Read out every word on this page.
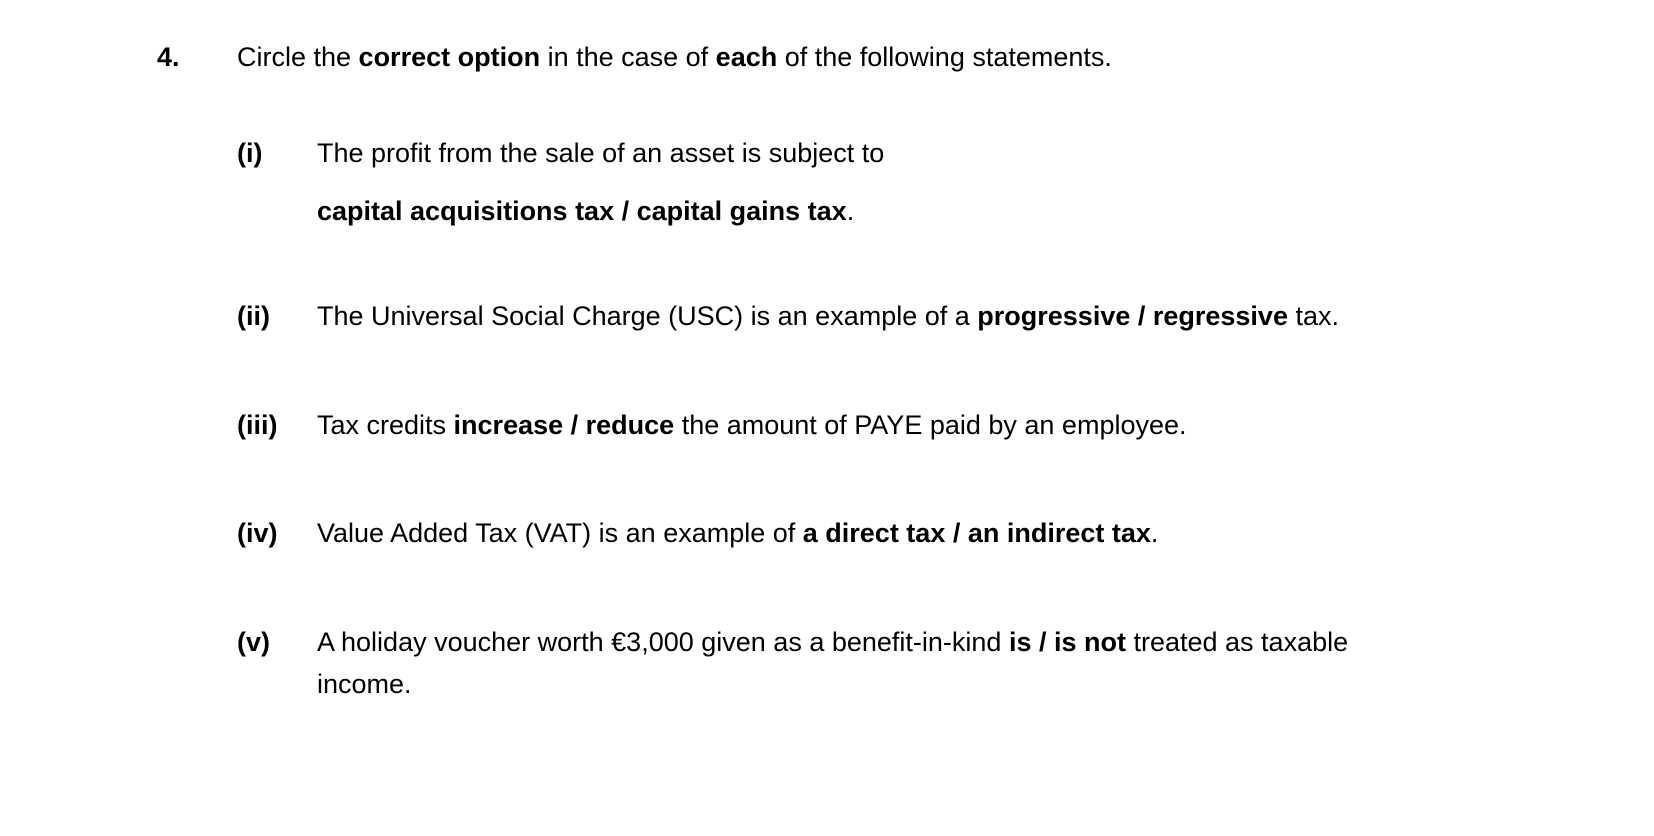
4. Circle the correct option in the case of each of the following statements.
(i) The profit from the sale of an asset is subject to
capital acquisitions tax / capital gains tax.
(ii) The Universal Social Charge (USC) is an example of a progressive / regressive tax.
(iii) Tax credits increase / reduce the amount of PAYE paid by an employee.
(iv) Value Added Tax (VAT) is an example of a direct tax / an indirect tax.
(v) A holiday voucher worth €3,000 given as a benefit-in-kind is / is not treated as taxable
income.
